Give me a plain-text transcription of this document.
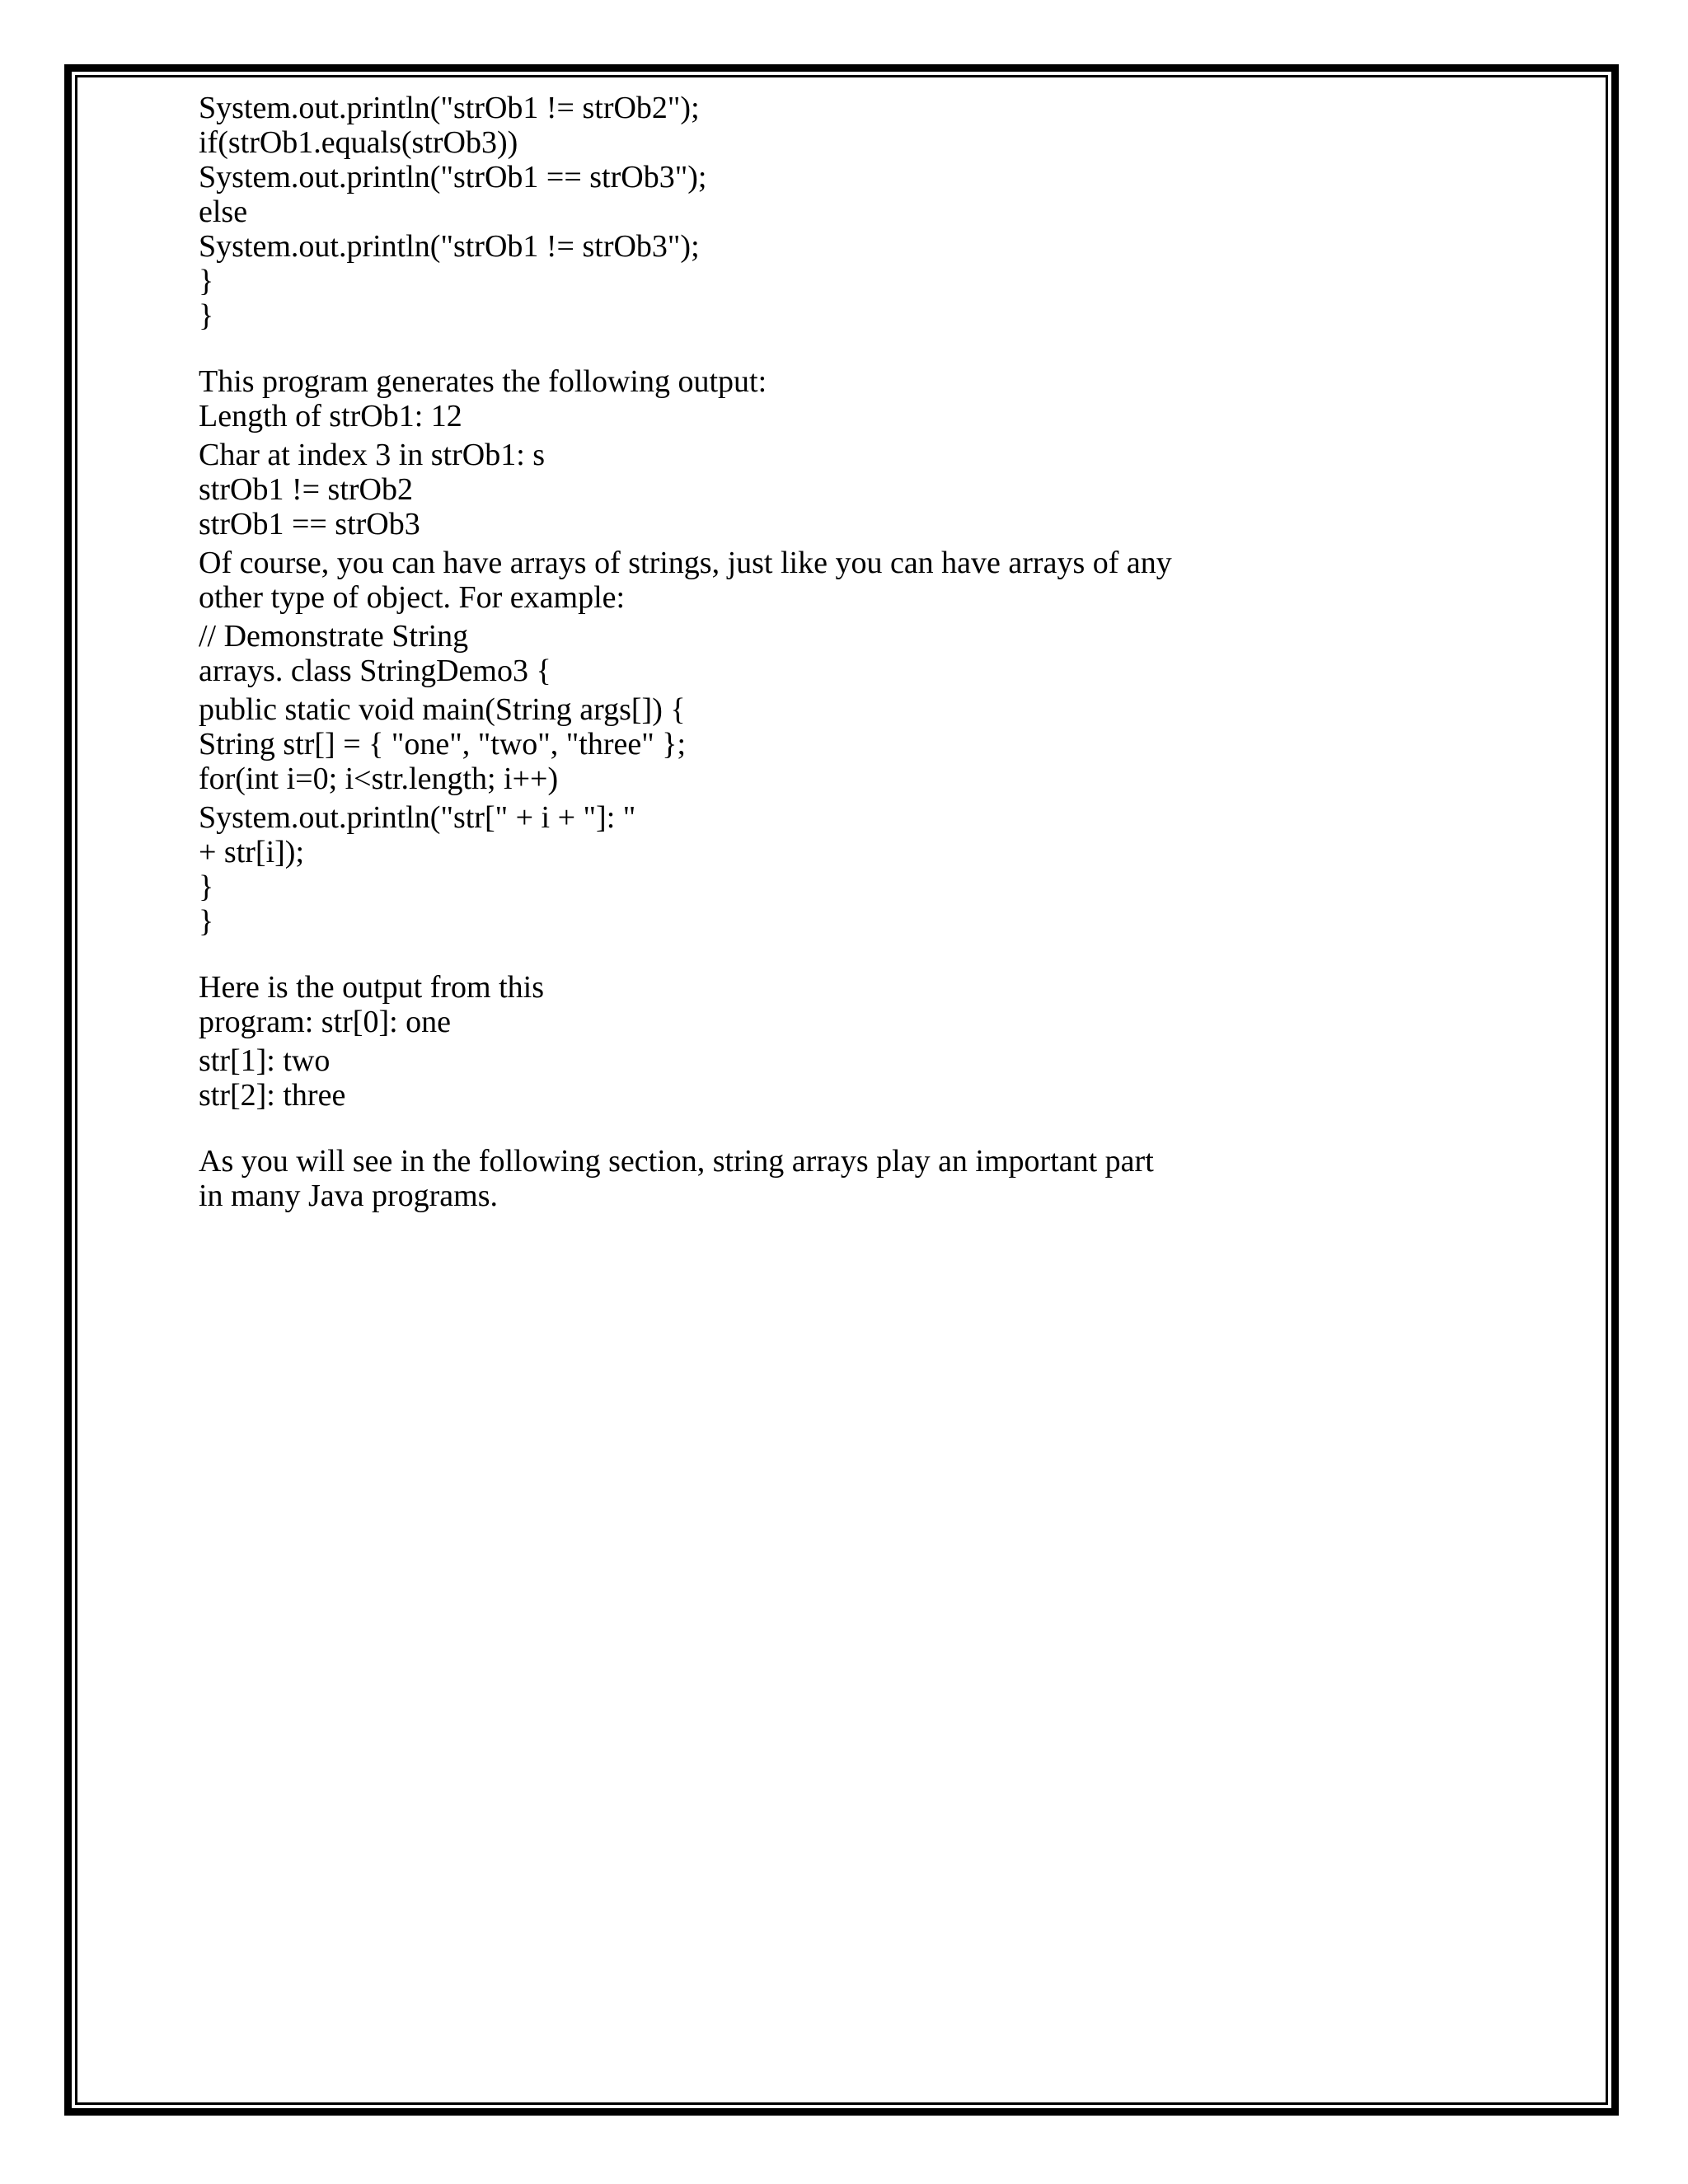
System.out.println("strOb1 != strOb2");
if(strOb1.equals(strOb3))
System.out.println("strOb1 == strOb3");
else
System.out.println("strOb1 != strOb3");
}
}
This program generates the following output:
Length of strOb1: 12
Char at index 3 in strOb1: s
strOb1 != strOb2
strOb1 == strOb3
Of course, you can have arrays of strings, just like you can have arrays of any
other type of object. For example:
// Demonstrate String
arrays. class StringDemo3 {
public static void main(String args[]) {
String str[] = { "one", "two", "three" };
for(int i=0; i<str.length; i++)
System.out.println("str[" + i + "]: "
+ str[i]);
}
}
Here is the output from this
program: str[0]: one
str[1]: two
str[2]: three
As you will see in the following section, string arrays play an important part
in many Java programs.
